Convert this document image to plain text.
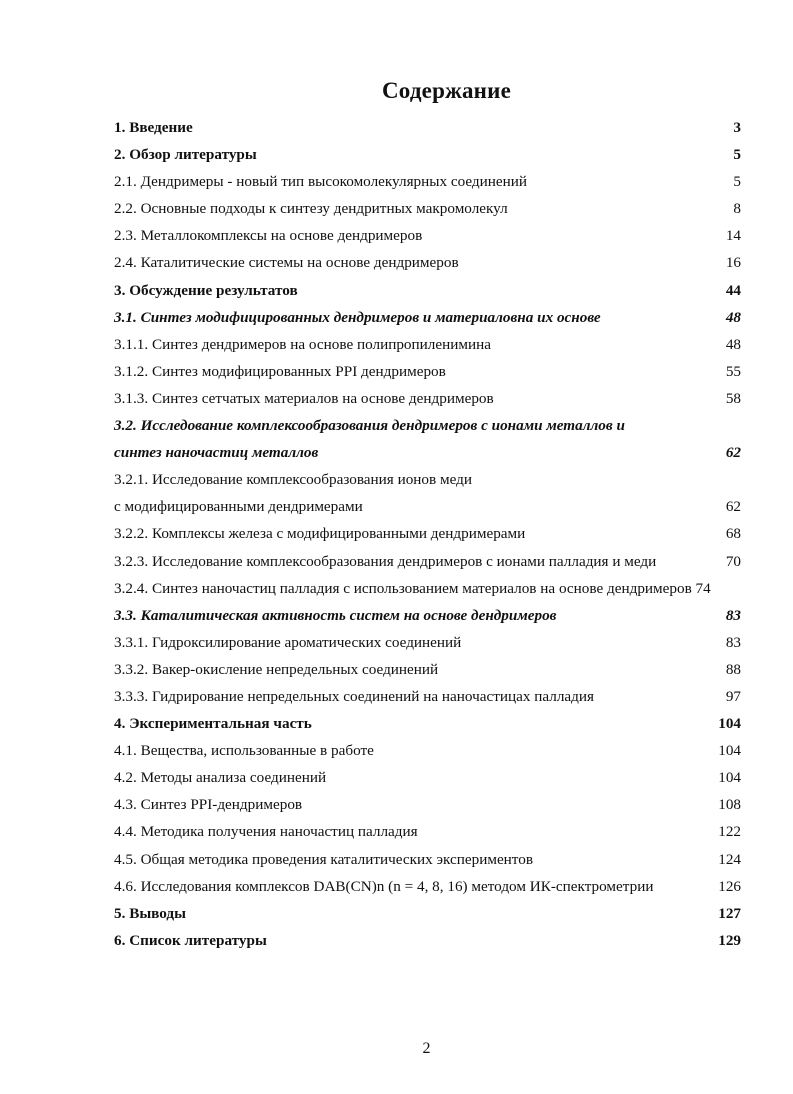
Содержание
1. Введение	3
2. Обзор литературы	5
2.1. Дендримеры - новый тип высокомолекулярных соединений	5
2.2. Основные подходы к синтезу дендритных макромолекул	8
2.3. Металлокомплексы на основе дендримеров	14
2.4. Каталитические системы на основе дендримеров	16
3. Обсуждение результатов	44
3.1. Синтез модифицированных дендримеров и материаловна их основе	48
3.1.1. Синтез дендримеров на основе полипропиленимина	48
3.1.2. Синтез модифицированных PPI дендримеров	55
3.1.3. Синтез сетчатых материалов на основе дендримеров	58
3.2. Исследование комплексообразования дендримеров с ионами металлов и
синтез наночастиц металлов	62
3.2.1. Исследование комплексообразования ионов меди
с модифицированными дендримерами	62
3.2.2. Комплексы железа с модифицированными дендримерами	68
3.2.3. Исследование комплексообразования дендримеров с ионами палладия и меди	70
3.2.4. Синтез наночастиц палладия с использованием материалов на основе дендримеров 74
3.3. Каталитическая активность систем на основе дендримеров	83
3.3.1. Гидроксилирование ароматических соединений	83
3.3.2. Вакер-окисление непредельных соединений	88
3.3.3. Гидрирование непредельных соединений на наночастицах палладия	97
4. Экспериментальная часть	104
4.1. Вещества, использованные в работе	104
4.2. Методы анализа соединений	104
4.3. Синтез PPI-дендримеров	108
4.4. Методика получения наночастиц палладия	122
4.5. Общая методика проведения каталитических экспериментов	124
4.6. Исследования комплексов DAB(CN)n (n = 4, 8, 16) методом ИК-спектрометрии	126
5. Выводы	127
6. Список литературы	129
2
